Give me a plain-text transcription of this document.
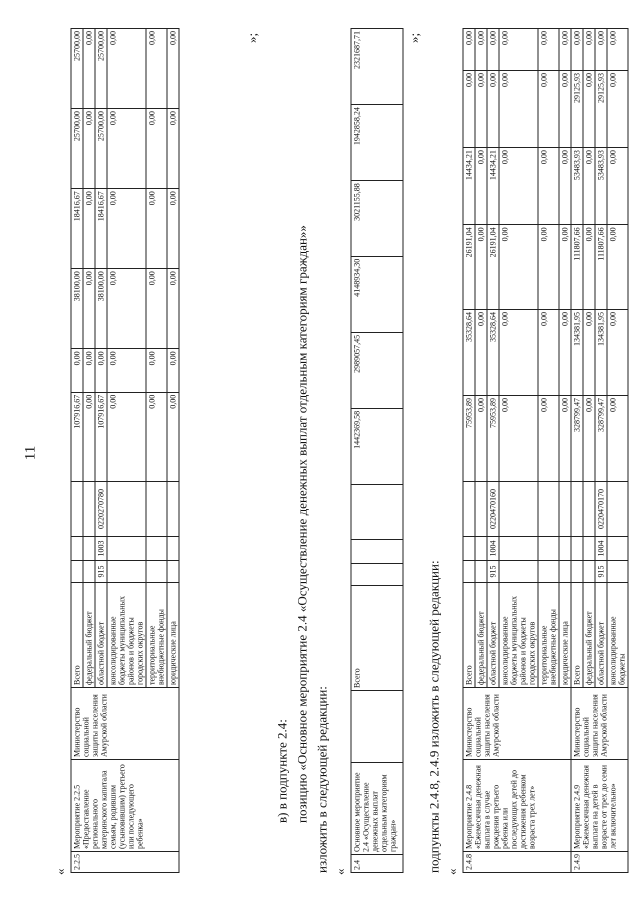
11
«
2.2.5	Мероприятие 2.2.5 «Предоставление регионального материнского капитала семьям, родившим (усыновившим) третьего или последующего ребенка»	Министерство социальной защиты населения Амурской области	Всего				107916,67	0,00	38100,00	18416,67	25700,00	25700,00
			федеральный бюджет				0,00	0,00	0,00	0,00	0,00	0,00
			областной бюджет	915	1003	0220270780	107916,67	0,00	38100,00	18416,67	25700,00	25700,00
			консолидированные бюджеты муниципальных районов и бюджеты городских округов				0,00	0,00	0,00	0,00	0,00	0,00
			территориальные внебюджетные фонды				0,00	0,00	0,00	0,00	0,00	0,00
			юридические лица				0,00	0,00	0,00	0,00	0,00	0,00	»;
в) в подпункте 2.4: позицию «Основное мероприятие 2.4 «Осуществление денежных выплат отдельным категориям граждан»» изложить в следующей редакции: «
2.4	Основное мероприятие 2.4 «Осуществление денежных выплат отдельным категориям граждан»		Всего				1442369,58	2989057,45	4148934,30	3021155,88	1942858,24	2321687,71	»;
подпункты 2.4.8, 2.4.9 изложить в следующей редакции: «
2.4.8	Мероприятие 2.4.8 «Ежемесячная денежная выплата в случае рождения третьего ребенка или последующих детей до достижения ребенком возраста трех лет»	Министерство социальной защиты населения Амурской области	Всего				75953,89	35328,64	26191,04	14434,21	0,00	0,00
			федеральный бюджет				0,00	0,00	0,00	0,00	0,00	0,00
			областной бюджет	915	1004	0220470160	75953,89	35328,64	26191,04	14434,21	0,00	0,00
			консолидированные бюджеты муниципальных районов и бюджеты городских округов				0,00	0,00	0,00	0,00	0,00	0,00
			территориальные внебюджетные фонды				0,00	0,00	0,00	0,00	0,00	0,00
			юридические лица				0,00	0,00	0,00	0,00	0,00	0,00
2.4.9	Мероприятие 2.4.9 «Ежемесячная денежная выплата на детей в возрасте от трех до семи лет включительно»	Министерство социальной защиты населения Амурской области	Всего				328799,47	134381,95	111807,66	53483,93	29125,93	0,00
			федеральный бюджет				0,00	0,00	0,00	0,00	0,00	0,00
			областной бюджет	915	1004	0220470170	328799,47	134381,95	111807,66	53483,93	29125,93	0,00
			консолидированные бюджеты				0,00	0,00	0,00	0,00	0,00	0,00
